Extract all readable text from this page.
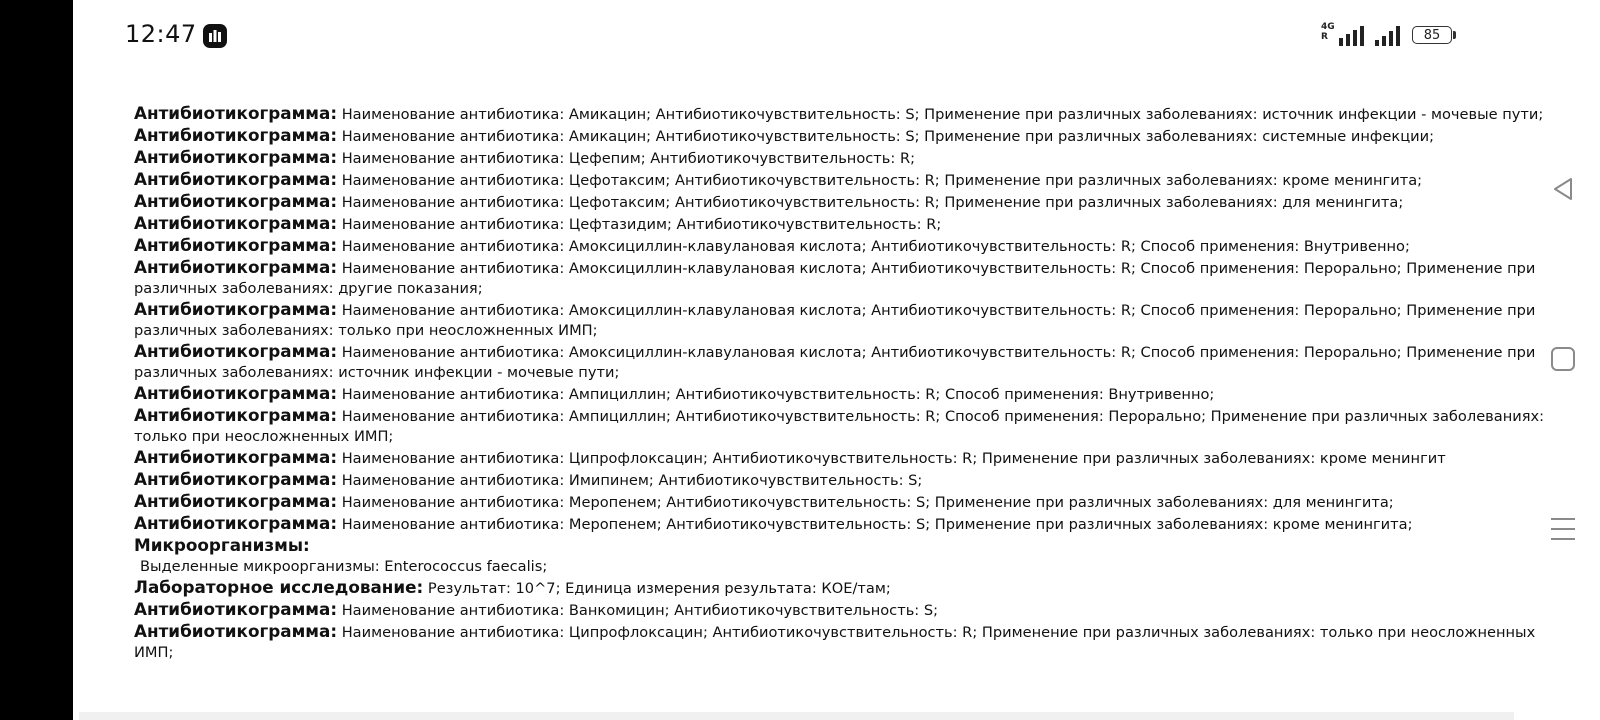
12:47	4G
R	85

Антибиотикограмма: Наименование антибиотика: Амикацин; Антибиотикочувствительность: S; Применение при различных заболеваниях: источник инфекции - мочевые пути;

Антибиотикограмма: Наименование антибиотика: Амикацин; Антибиотикочувствительность: S; Применение при различных заболеваниях: системные инфекции;

Антибиотикограмма: Наименование антибиотика: Цефепим; Антибиотикочувствительность: R;

Антибиотикограмма: Наименование антибиотика: Цефотаксим; Антибиотикочувствительность: R; Применение при различных заболеваниях: кроме менингита;

Антибиотикограмма: Наименование антибиотика: Цефотаксим; Антибиотикочувствительность: R; Применение при различных заболеваниях: для менингита;

Антибиотикограмма: Наименование антибиотика: Цефтазидим; Антибиотикочувствительность: R;

Антибиотикограмма: Наименование антибиотика: Амоксициллин-клавулановая кислота; Антибиотикочувствительность: R; Способ применения: Внутривенно;

Антибиотикограмма: Наименование антибиотика: Амоксициллин-клавулановая кислота; Антибиотикочувствительность: R; Способ применения: Перорально; Применение при различных заболеваниях: другие показания;

Антибиотикограмма: Наименование антибиотика: Амоксициллин-клавулановая кислота; Антибиотикочувствительность: R; Способ применения: Перорально; Применение при различных заболеваниях: только при неосложненных ИМП;

Антибиотикограмма: Наименование антибиотика: Амоксициллин-клавулановая кислота; Антибиотикочувствительность: R; Способ применения: Перорально; Применение при различных заболеваниях: источник инфекции - мочевые пути;

Антибиотикограмма: Наименование антибиотика: Ампициллин; Антибиотикочувствительность: R; Способ применения: Внутривенно;

Антибиотикограмма: Наименование антибиотика: Ампициллин; Антибиотикочувствительность: R; Способ применения: Перорально; Применение при различных заболеваниях: только при неосложненных ИМП;

Антибиотикограмма: Наименование антибиотика: Ципрофлоксацин; Антибиотикочувствительность: R; Применение при различных заболеваниях: кроме менингит

Антибиотикограмма: Наименование антибиотика: Имипинем; Антибиотикочувствительность: S;

Антибиотикограмма: Наименование антибиотика: Меропенем; Антибиотикочувствительность: S; Применение при различных заболеваниях: для менингита;

Антибиотикограмма: Наименование антибиотика: Меропенем; Антибиотикочувствительность: S; Применение при различных заболеваниях: кроме менингита;

Микроорганизмы:

Выделенные микроорганизмы: Enterococcus faecalis;

Лабораторное исследование: Результат: 10^7; Единица измерения результата: КОЕ/там;

Антибиотикограмма: Наименование антибиотика: Ванкомицин; Антибиотикочувствительность: S;

Антибиотикограмма: Наименование антибиотика: Ципрофлоксацин; Антибиотикочувствительность: R; Применение при различных заболеваниях: только при неосложненных ИМП;
